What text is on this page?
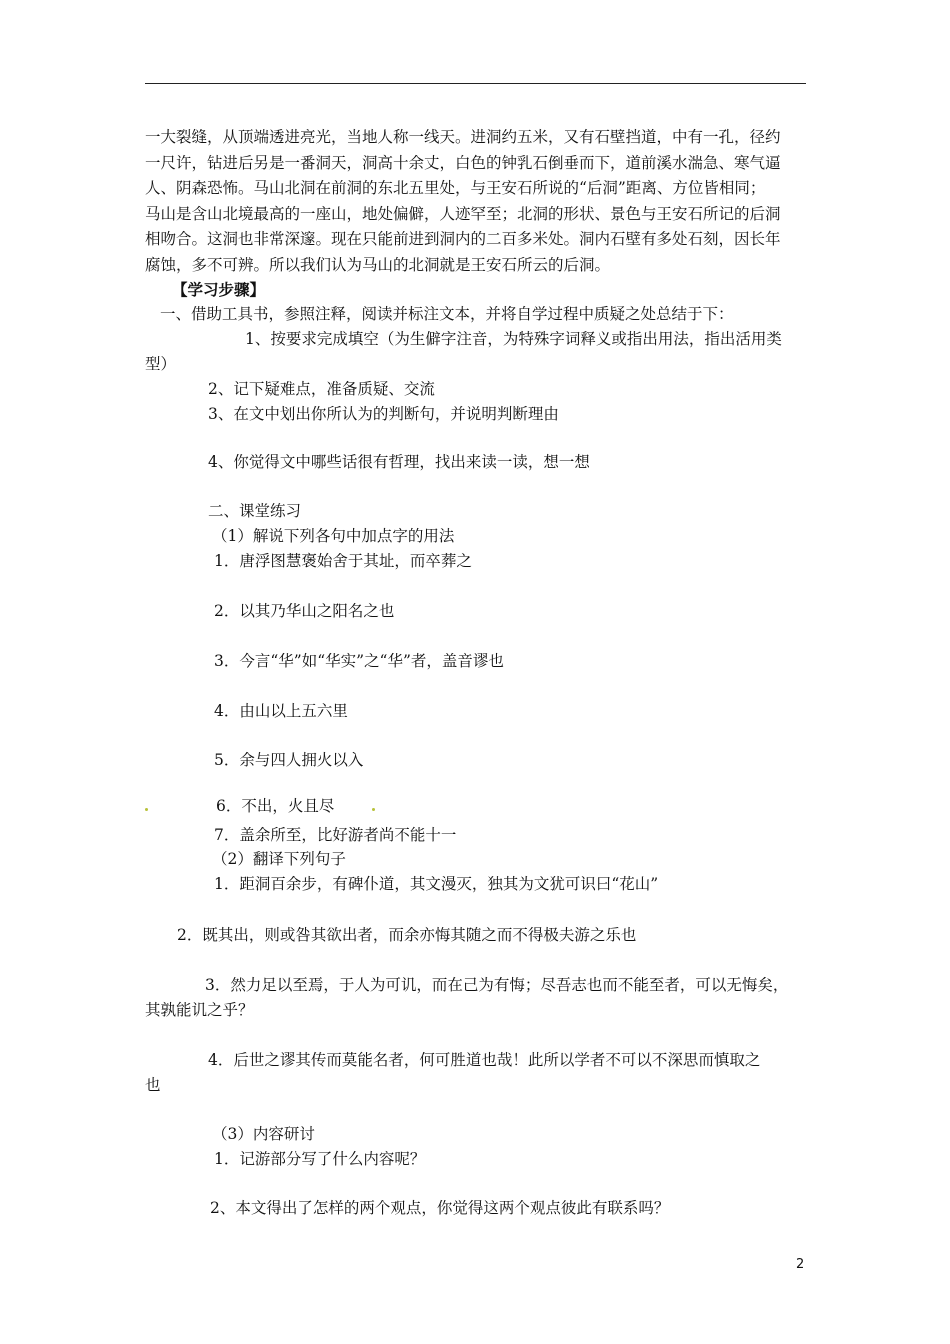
一大裂缝，从顶端透进亮光，当地人称一线天。进洞约五米，又有石壁挡道，中有一孔，径约
一尺许，钻进后另是一番洞天，洞高十余丈，白色的钟乳石倒垂而下，道前溪水湍急、寒气逼
人、阴森恐怖。马山北洞在前洞的东北五里处，与王安石所说的“后洞”距离、方位皆相同；
马山是含山北境最高的一座山，地处偏僻，人迹罕至；北洞的形状、景色与王安石所记的后洞
相吻合。这洞也非常深邃。现在只能前进到洞内的二百多米处。洞内石壁有多处石刻，因长年
腐蚀，多不可辨。所以我们认为马山的北洞就是王安石所云的后洞。
【学习步骤】
一、借助工具书，参照注释，阅读并标注文本，并将自学过程中质疑之处总结于下：
1、按要求完成填空（为生僻字注音，为特殊字词释义或指出用法，指出活用类
型）
2、记下疑难点，准备质疑、交流
3、在文中划出你所认为的判断句，并说明判断理由
4、你觉得文中哪些话很有哲理，找出来读一读，想一想
二、课堂练习
（1）解说下列各句中加点字的用法
1．唐浮图慧褒始舍于其址，而卒葬之
2．以其乃华山之阳名之也
3．今言“华”如“华实”之“华”者，盖音谬也
4．由山以上五六里
5．余与四人拥火以入
6．不出，火且尽
7．盖余所至，比好游者尚不能十一
（2）翻译下列句子
1．距洞百余步，有碑仆道，其文漫灭，独其为文犹可识曰“花山”
2．既其出，则或咎其欲出者，而余亦悔其随之而不得极夫游之乐也
3．然力足以至焉，于人为可讥，而在己为有悔；尽吾志也而不能至者，可以无悔矣，
其孰能讥之乎？
4．后世之谬其传而莫能名者，何可胜道也哉！此所以学者不可以不深思而慎取之
也
（3）内容研讨
1．记游部分写了什么内容呢？
2、本文得出了怎样的两个观点，你觉得这两个观点彼此有联系吗？
2
